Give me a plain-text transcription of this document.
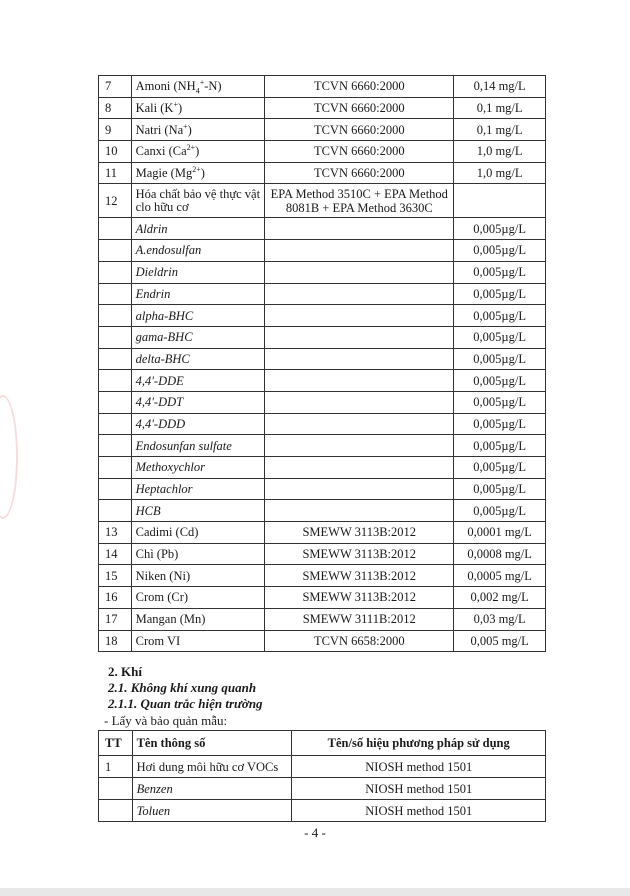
7	Amoni $(NH_4^+-N)$	TCVN 6660:2000	0,14 mg/L
8	Kali (K+)	TCVN 6660:2000	0,1 mg/L
9	Natri (Na+)	TCVN 6660:2000	0,1 mg/L
10	Canxi $(Ca^{2+})$	TCVN 6660:2000	1,0 mg/L
11	Magie $(Mg^{2+})$	TCVN 6660:2000	1,0 mg/L
12	Hóa chất bảo vệ thực vật clo hữu cơ	EPA Method 3510C + EPA Method 8081B + EPA Method 3630C	
	Aldrin		0,005µg/L
	A.endosulfan		0,005µg/L
	Dieldrin		0,005µg/L
	Endrin		0,005µg/L
	alpha-BHC		0,005µg/L
	gama-BHC		0,005µg/L
	delta-BHC		0,005µg/L
	4,4'-DDE		0,005µg/L
	4,4'-DDT		0,005µg/L
	4,4'-DDD		0,005µg/L
	Endosunfan sulfate		0,005µg/L
	Methoxychlor		0,005µg/L
	Heptachlor		0,005µg/L
	HCB		0,005µg/L
13	Cadimi (Cd)	SMEWW 3113B:2012	0,0001 mg/L
14	Chì (Pb)	SMEWW 3113B:2012	0,0008 mg/L
15	Niken (Ni)	SMEWW 3113B:2012	0,0005 mg/L
16	Crom (Cr)	SMEWW 3113B:2012	0,002 mg/L
17	Mangan (Mn)	SMEWW 3111B:2012	0,03 mg/L
18	Crom VI	TCVN 6658:2000	0,005 mg/L
2. Khí
2.1. Không khí xung quanh
2.1.1. Quan trắc hiện trường
- Lấy và bảo quản mẫu:
TT	Tên thông số	Tên/số hiệu phương pháp sử dụng
1	Hơi dung môi hữu cơ VOCs	NIOSH method 1501
	Benzen	NIOSH method 1501
	Toluen	NIOSH method 1501
- 4 -
